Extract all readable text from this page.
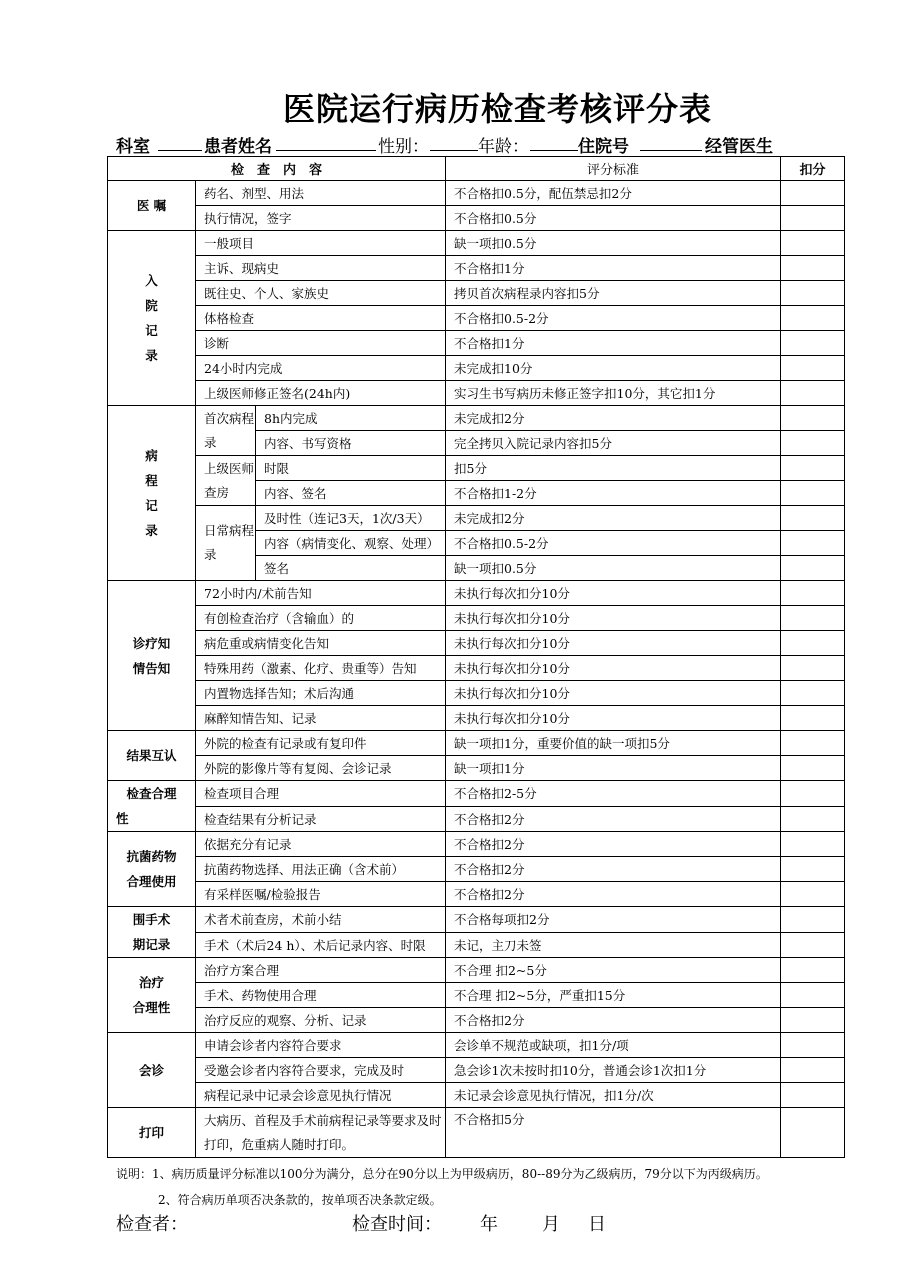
医院运行病历检查考核评分表
科室	患者姓名	性别：	年龄：	住院号	经管医生
检　查　内　容			评分标准	扣分
医 嘱	药名、剂型、用法		不合格扣0.5分，配伍禁忌扣2分	
	执行情况，签字		不合格扣0.5分	

入
院
记
录	一般项目		缺一项扣0.5分	
	主诉、现病史		不合格扣1分	
	既往史、个人、家族史		拷贝首次病程录内容扣5分	
	体格检查		不合格扣0.5-2分	
	诊断		不合格扣1分	
	24小时内完成		未完成扣10分	
	上级医师修正签名(24h内)		实习生书写病历未修正签字扣10分，其它扣1分	

病
程
记
录	首次病程录	8h内完成	未完成扣2分	
		内容、书写资格	完全拷贝入院记录内容扣5分	
	上级医师查房	时限	扣5分	
		内容、签名	不合格扣1-2分	
	日常病程录	及时性（连记3天，1次/3天）	未完成扣2分	
		内容（病情变化、观察、处理）	不合格扣0.5-2分	
		签名	缺一项扣0.5分	

诊疗知
情告知	72小时内/术前告知		未执行每次扣分10分	
	有创检查治疗（含输血）的		未执行每次扣分10分	
	病危重或病情变化告知		未执行每次扣分10分	
	特殊用药（激素、化疗、贵重等）告知		未执行每次扣分10分	
	内置物选择告知；术后沟通		未执行每次扣分10分	
	麻醉知情告知、记录		未执行每次扣分10分	
结果互认	外院的检查有记录或有复印件		缺一项扣1分，重要价值的缺一项扣5分	
	外院的影像片等有复阅、会诊记录		缺一项扣1分	

检查合理
性	检查项目合理		不合格扣2-5分	
	检查结果有分析记录		不合格扣2分	

抗菌药物
合理使用	依据充分有记录		不合格扣2分	
	抗菌药物选择、用法正确（含术前）		不合格扣2分	
	有采样医嘱/检验报告		不合格扣2分	

围手术
期记录	术者术前查房，术前小结		不合格每项扣2分	
	手术（术后24 h）、术后记录内容、时限		未记，主刀未签	

治疗
合理性	治疗方案合理		不合理 扣2~5分	
	手术、药物使用合理		不合理 扣2~5分，严重扣15分	
	治疗反应的观察、分析、记录		不合格扣2分	
会诊	申请会诊者内容符合要求		会诊单不规范或缺项，扣1分/项	
	受邀会诊者内容符合要求，完成及时		急会诊1次未按时扣10分，普通会诊1次扣1分	
	病程记录中记录会诊意见执行情况		未记录会诊意见执行情况，扣1分/次	
打印	大病历、首程及手术前病程记录等要求及时打印，危重病人随时打印。		不合格扣5分	
说明：1、病历质量评分标准以100分为满分，总分在90分以上为甲级病历，80--89分为乙级病历，79分以下为丙级病历。
2、符合病历单项否决条款的，按单项否决条款定级。
检查者：	检查时间： 年 月 日
